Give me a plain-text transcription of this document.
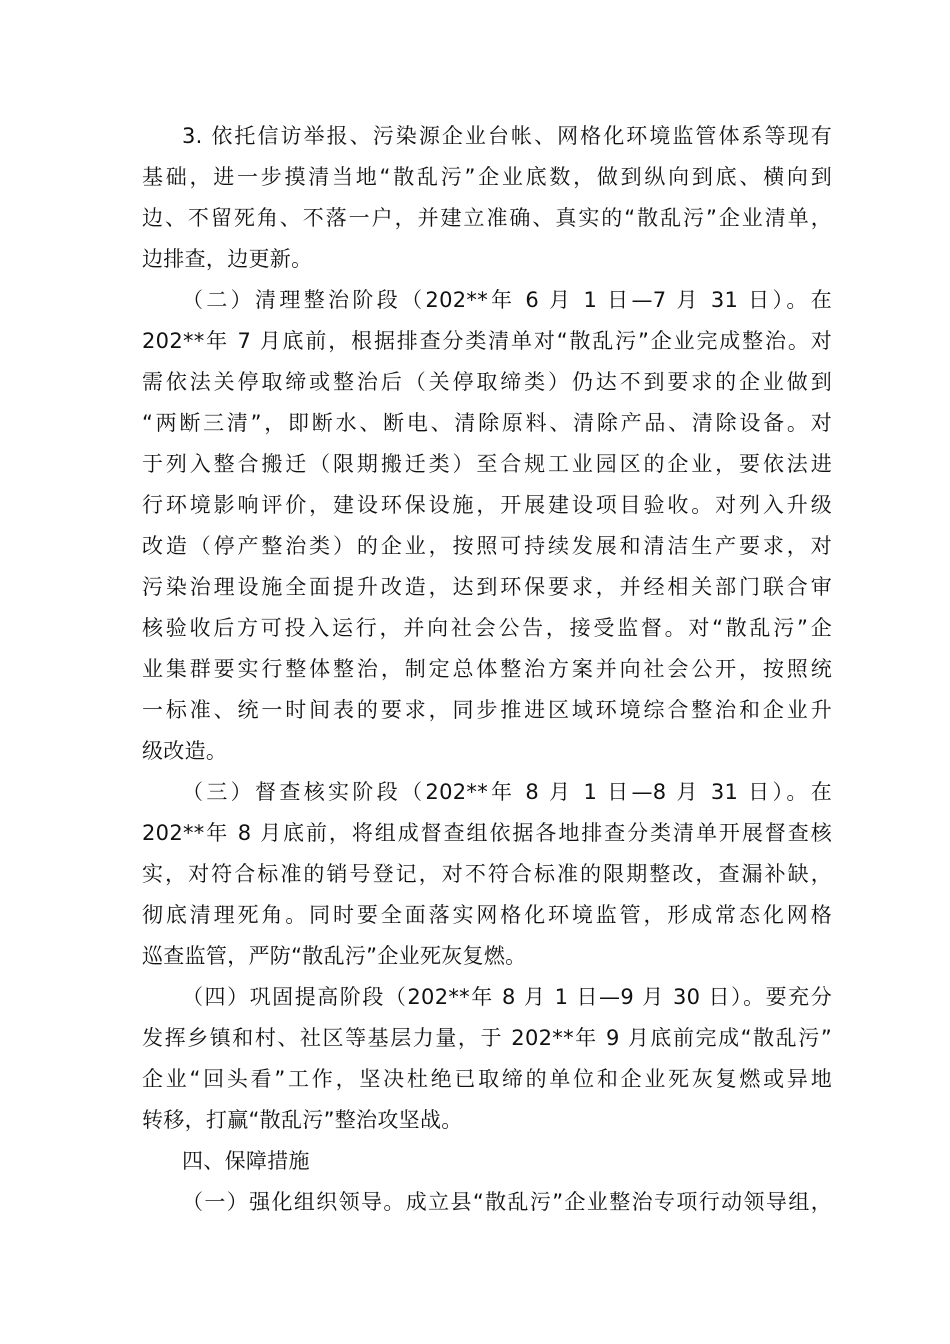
3. 依托信访举报、污染源企业台帐、网格化环境监管体系等现有
基础，进一步摸清当地“散乱污”企业底数，做到纵向到底、横向到
边、不留死角、不落一户，并建立准确、真实的“散乱污”企业清单，
边排查，边更新。
（二）清理整治阶段（202**年 6 月 1 日—7 月 31 日）。在
202**年 7 月底前，根据排查分类清单对“散乱污”企业完成整治。对
需依法关停取缔或整治后（关停取缔类）仍达不到要求的企业做到
“两断三清”，即断水、断电、清除原料、清除产品、清除设备。对
于列入整合搬迁（限期搬迁类）至合规工业园区的企业，要依法进
行环境影响评价，建设环保设施，开展建设项目验收。对列入升级
改造（停产整治类）的企业，按照可持续发展和清洁生产要求，对
污染治理设施全面提升改造，达到环保要求，并经相关部门联合审
核验收后方可投入运行，并向社会公告，接受监督。对“散乱污”企
业集群要实行整体整治，制定总体整治方案并向社会公开，按照统
一标准、统一时间表的要求，同步推进区域环境综合整治和企业升
级改造。
（三）督查核实阶段（202**年 8 月 1 日—8 月 31 日）。在
202**年 8 月底前，将组成督查组依据各地排查分类清单开展督查核
实，对符合标准的销号登记，对不符合标准的限期整改，查漏补缺，
彻底清理死角。同时要全面落实网格化环境监管，形成常态化网格
巡查监管，严防“散乱污”企业死灰复燃。
（四）巩固提高阶段（202**年 8 月 1 日—9 月 30 日）。要充分
发挥乡镇和村、社区等基层力量，于 202**年 9 月底前完成“散乱污”
企业“回头看”工作，坚决杜绝已取缔的单位和企业死灰复燃或异地
转移，打赢“散乱污”整治攻坚战。
四、保障措施
（一）强化组织领导。成立县“散乱污”企业整治专项行动领导组，
